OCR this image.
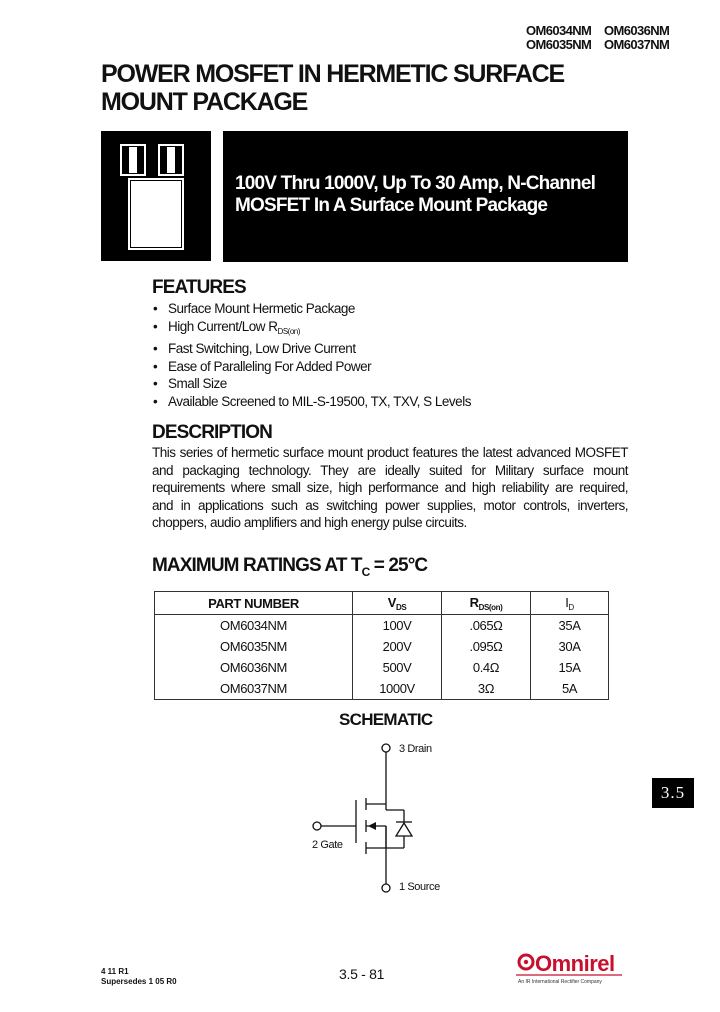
OM6034NM OM6036NM
OM6035NM OM6037NM
POWER MOSFET IN HERMETIC SURFACE
MOUNT PACKAGE
100V Thru 1000V, Up To 30 Amp, N-Channel
MOSFET In A Surface Mount Package
FEATURES
• Surface Mount Hermetic Package
• High Current/Low $R_{DS(on)}$
• Fast Switching, Low Drive Current
• Ease of Paralleling For Added Power
• Small Size
• Available Screened to MIL-S-19500, TX, TXV, S Levels
DESCRIPTION
This series of hermetic surface mount product features the latest advanced MOSFET
and packaging technology. They are ideally suited for Military surface mount
requirements where small size, high performance and high reliability are required,
and in applications such as switching power supplies, motor controls, inverters,
choppers, audio amplifiers and high energy pulse circuits.
MAXIMUM RATINGS AT $T_C = 25^\circ C$
PART NUMBER	$V_{DS}$	$R_{DS(on)}$	$I_D$
OM6034NM	100V	.065Ω	35A
OM6035NM	200V	.095Ω	30A
OM6036NM	500V	0.4Ω	15A
OM6037NM	1000V	3Ω	5A
SCHEMATIC
3 Drain
2 Gate
1 Source
3.5
4 11 R1
Supersedes 1 05 R0	3.5 - 81	Omnirel
An IR International Rectifier Company
